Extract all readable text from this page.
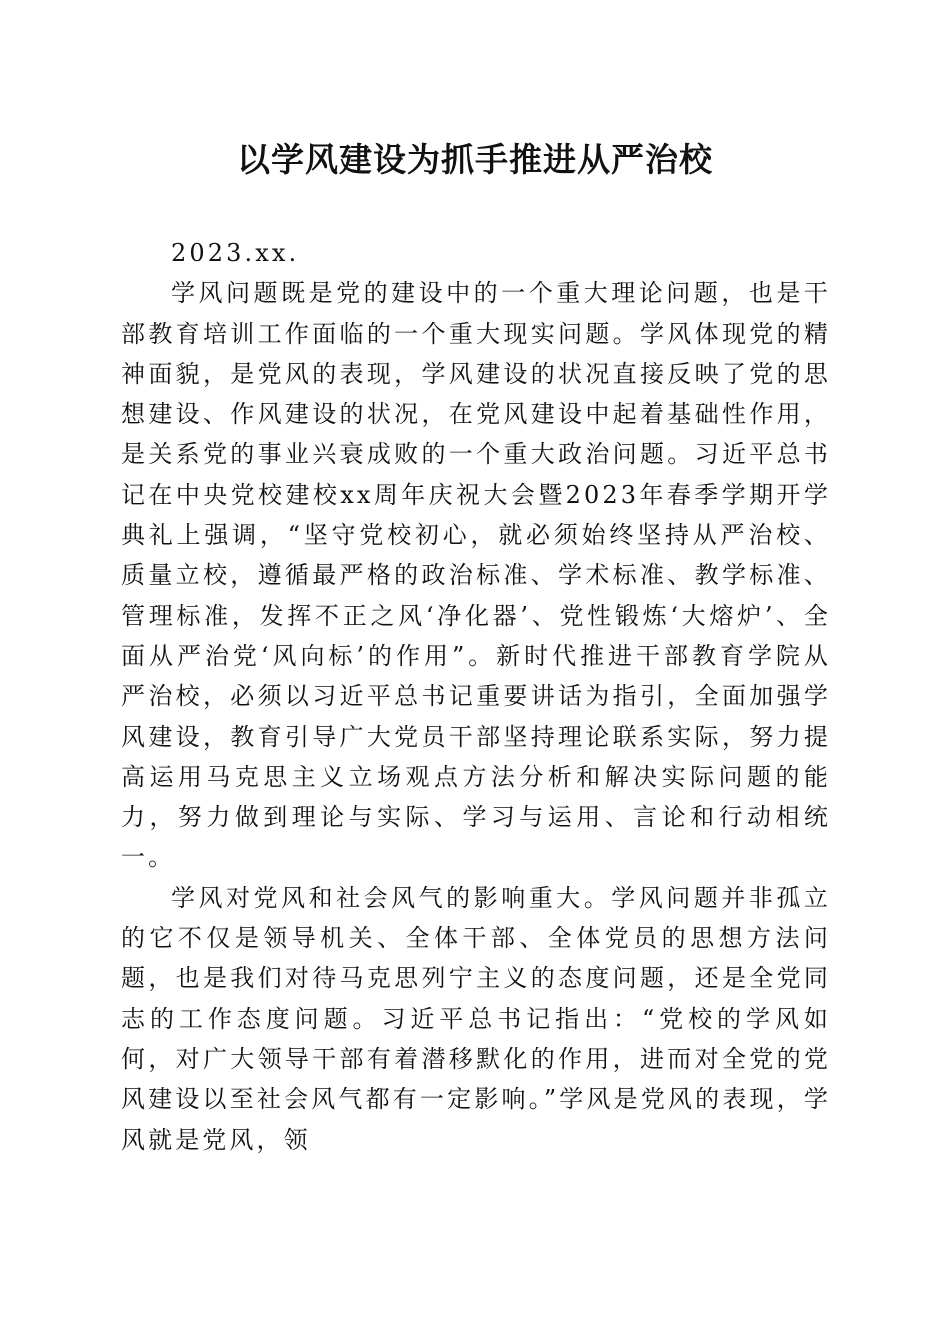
以学风建设为抓手推进从严治校

2023.xx.

学风问题既是党的建设中的一个重大理论问题，也是干部教育培训工作面临的一个重大现实问题。学风体现党的精神面貌，是党风的表现，学风建设的状况直接反映了党的思想建设、作风建设的状况，在党风建设中起着基础性作用，是关系党的事业兴衰成败的一个重大政治问题。习近平总书记在中央党校建校xx周年庆祝大会暨2023年春季学期开学典礼上强调，“坚守党校初心，就必须始终坚持从严治校、质量立校，遵循最严格的政治标准、学术标准、教学标准、管理标准，发挥不正之风‘净化器’、党性锻炼‘大熔炉’、全面从严治党‘风向标’的作用”。新时代推进干部教育学院从严治校，必须以习近平总书记重要讲话为指引，全面加强学风建设，教育引导广大党员干部坚持理论联系实际，努力提高运用马克思主义立场观点方法分析和解决实际问题的能力，努力做到理论与实际、学习与运用、言论和行动相统一。

学风对党风和社会风气的影响重大。学风问题并非孤立的它不仅是领导机关、全体干部、全体党员的思想方法问题，也是我们对待马克思列宁主义的态度问题，还是全党同志的工作态度问题。习近平总书记指出：“党校的学风如何，对广大领导干部有着潜移默化的作用，进而对全党的党风建设以至社会风气都有一定影响。”学风是党风的表现，学风就是党风，领
